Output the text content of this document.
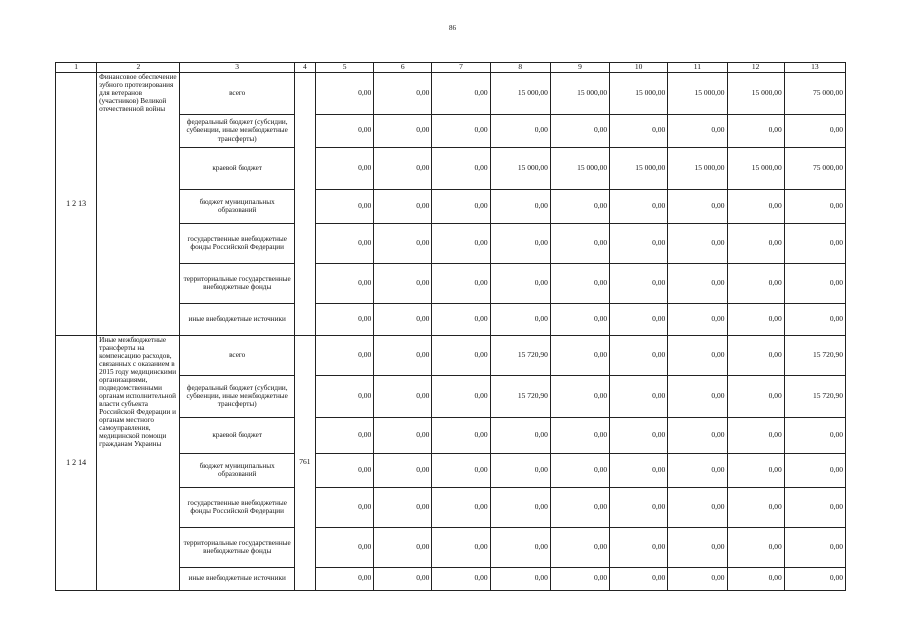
86
1	2	3	4	5	6	7	8	9	10	11	12	13
1 2 13	Финансовое обеспечение зубного протезирования для ветеранов (участников) Великой отечественной войны	всего		0,00	0,00	0,00	15 000,00	15 000,00	15 000,00	15 000,00	15 000,00	75 000,00
		федеральный бюджет (субсидии, субвенции, иные межбюджетные трансферты)		0,00	0,00	0,00	0,00	0,00	0,00	0,00	0,00	0,00
		краевой бюджет		0,00	0,00	0,00	15 000,00	15 000,00	15 000,00	15 000,00	15 000,00	75 000,00
		бюджет муниципальных образований		0,00	0,00	0,00	0,00	0,00	0,00	0,00	0,00	0,00
		государственные внебюджетные фонды Российской Федерации		0,00	0,00	0,00	0,00	0,00	0,00	0,00	0,00	0,00
		территориальные государственные внебюджетные фонды		0,00	0,00	0,00	0,00	0,00	0,00	0,00	0,00	0,00
		иные внебюджетные источники		0,00	0,00	0,00	0,00	0,00	0,00	0,00	0,00	0,00
1 2 14	Иные межбюджетные трансферты на компенсацию расходов, связанных с оказанием в 2015 году медицинскими организациями, подведомственными органам исполнительной власти субъекта Российской Федерации и органам местного самоуправления, медицинской помощи гражданам Украины	всего	761	0,00	0,00	0,00	15 720,90	0,00	0,00	0,00	0,00	15 720,90
		федеральный бюджет (субсидии, субвенции, иные межбюджетные трансферты)		0,00	0,00	0,00	15 720,90	0,00	0,00	0,00	0,00	15 720,90
		краевой бюджет		0,00	0,00	0,00	0,00	0,00	0,00	0,00	0,00	0,00
		бюджет муниципальных образований		0,00	0,00	0,00	0,00	0,00	0,00	0,00	0,00	0,00
		государственные внебюджетные фонды Российской Федерации		0,00	0,00	0,00	0,00	0,00	0,00	0,00	0,00	0,00
		территориальные государственные внебюджетные фонды		0,00	0,00	0,00	0,00	0,00	0,00	0,00	0,00	0,00
		иные внебюджетные источники		0,00	0,00	0,00	0,00	0,00	0,00	0,00	0,00	0,00
